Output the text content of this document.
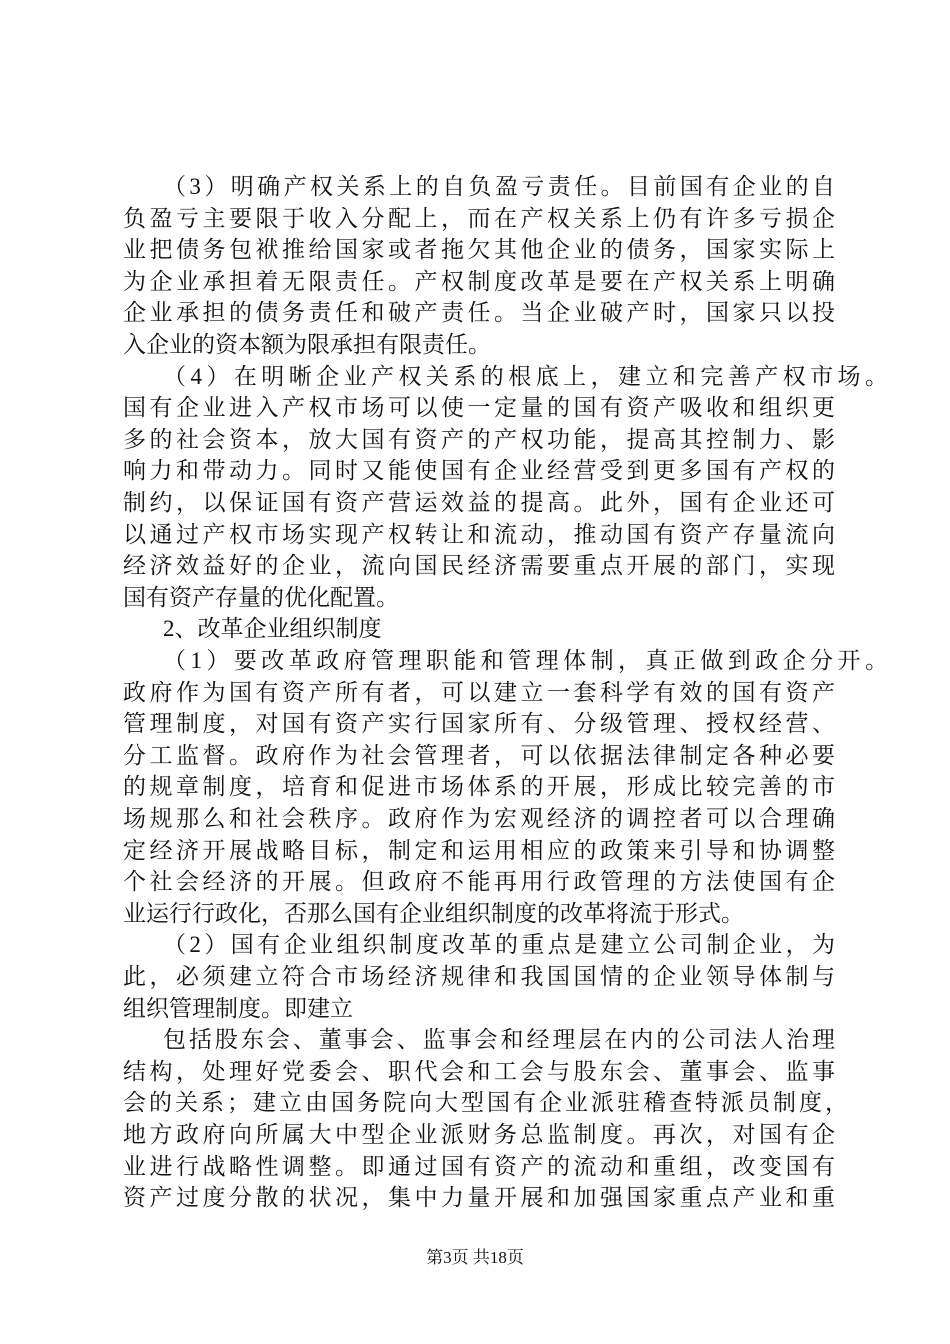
（3）明确产权关系上的自负盈亏责任。目前国有企业的自
负盈亏主要限于收入分配上，而在产权关系上仍有许多亏损企
业把债务包袱推给国家或者拖欠其他企业的债务，国家实际上
为企业承担着无限责任。产权制度改革是要在产权关系上明确
企业承担的债务责任和破产责任。当企业破产时，国家只以投
入企业的资本额为限承担有限责任。
（4）在明晰企业产权关系的根底上，建立和完善产权市场。
国有企业进入产权市场可以使一定量的国有资产吸收和组织更
多的社会资本，放大国有资产的产权功能，提高其控制力、影
响力和带动力。同时又能使国有企业经营受到更多国有产权的
制约，以保证国有资产营运效益的提高。此外，国有企业还可
以通过产权市场实现产权转让和流动，推动国有资产存量流向
经济效益好的企业，流向国民经济需要重点开展的部门，实现
国有资产存量的优化配置。
2、改革企业组织制度
（1）要改革政府管理职能和管理体制，真正做到政企分开。
政府作为国有资产所有者，可以建立一套科学有效的国有资产
管理制度，对国有资产实行国家所有、分级管理、授权经营、
分工监督。政府作为社会管理者，可以依据法律制定各种必要
的规章制度，培育和促进市场体系的开展，形成比较完善的市
场规那么和社会秩序。政府作为宏观经济的调控者可以合理确
定经济开展战略目标，制定和运用相应的政策来引导和协调整
个社会经济的开展。但政府不能再用行政管理的方法使国有企
业运行行政化，否那么国有企业组织制度的改革将流于形式。
（2）国有企业组织制度改革的重点是建立公司制企业，为
此，必须建立符合市场经济规律和我国国情的企业领导体制与
组织管理制度。即建立
包括股东会、董事会、监事会和经理层在内的公司法人治理
结构，处理好党委会、职代会和工会与股东会、董事会、监事
会的关系；建立由国务院向大型国有企业派驻稽查特派员制度，
地方政府向所属大中型企业派财务总监制度。再次，对国有企
业进行战略性调整。即通过国有资产的流动和重组，改变国有
资产过度分散的状况，集中力量开展和加强国家重点产业和重
第3页 共18页
